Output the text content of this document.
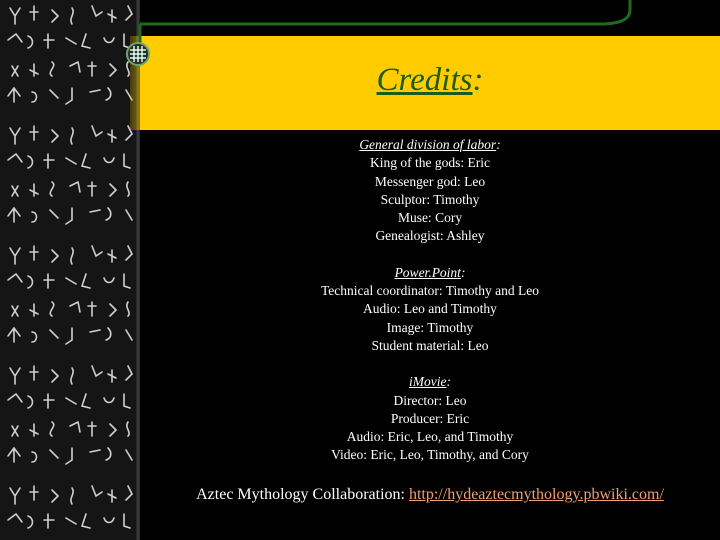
Credits:
General division of labor:
King of the gods: Eric
Messenger god: Leo
Sculptor: Timothy
Muse: Cory
Genealogist: Ashley
Power.Point:
Technical coordinator: Timothy and Leo
Audio: Leo and Timothy
Image: Timothy
Student material: Leo
iMovie:
Director: Leo
Producer: Eric
Audio: Eric, Leo, and Timothy
Video: Eric, Leo, Timothy, and Cory
Aztec Mythology Collaboration: http://hydeaztecmythology.pbwiki.com/
